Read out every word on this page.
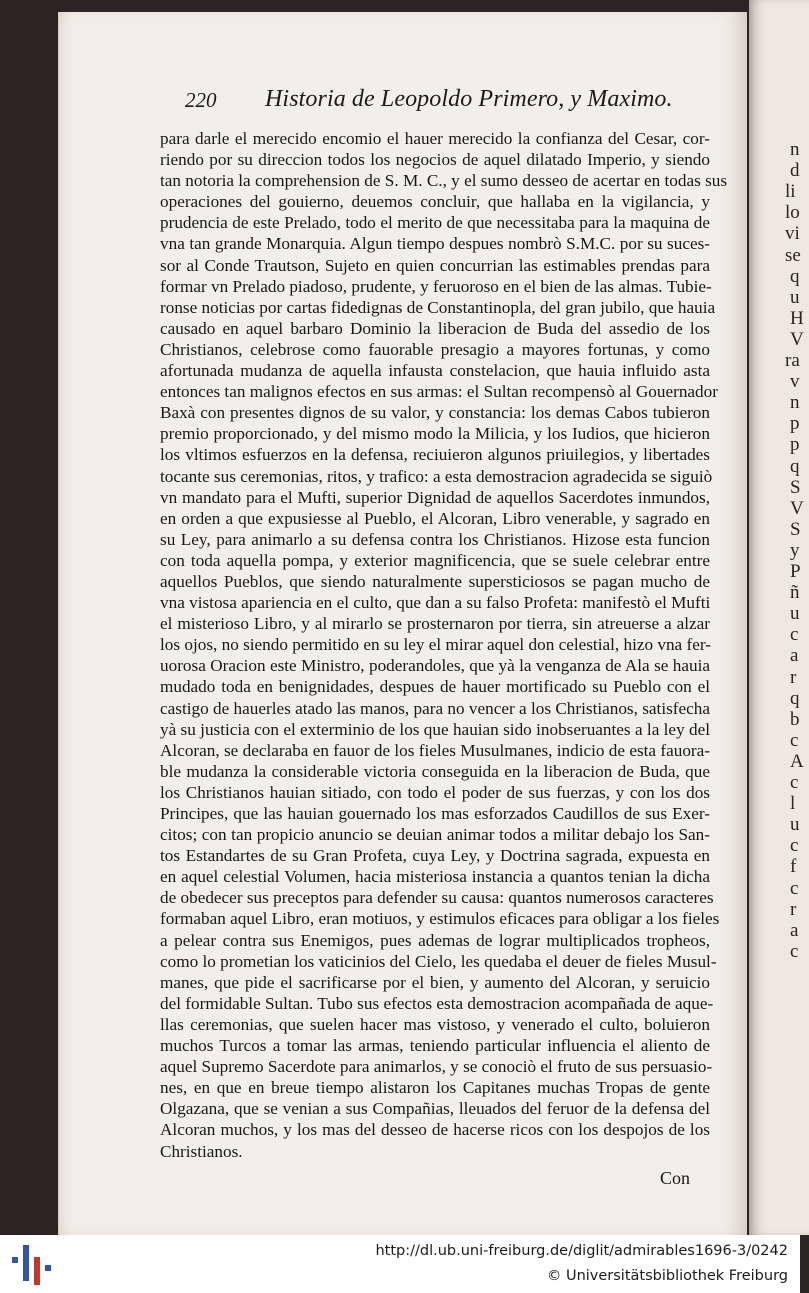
n
d
li
lo
vi
se
q
u
H
V
ra
v
n
p
p
q
S
V
S
y
P
ñ
u
c
a
r
q
b
c
A
c
l
u
c
f
c
r
a
c
220 Historia de Leopoldo Primero, y Maximo.
para darle el merecido encomio el hauer merecido la confianza del Cesar, cor-
riendo por su direccion todos los negocios de aquel dilatado Imperio, y siendo
tan notoria la comprehension de S. M. C., y el sumo desseo de acertar en todas sus
operaciones del gouierno, deuemos concluir, que hallaba en la vigilancia, y
prudencia de este Prelado, todo el merito de que necessitaba para la maquina de
vna tan grande Monarquia. Algun tiempo despues nombrò S.M.C. por su suces-
sor al Conde Trautson, Sujeto en quien concurrian las estimables prendas para
formar vn Prelado piadoso, prudente, y feruoroso en el bien de las almas. Tubie-
ronse noticias por cartas fidedignas de Constantinopla, del gran jubilo, que hauia
causado en aquel barbaro Dominio la liberacion de Buda del assedio de los
Christianos, celebrose como fauorable presagio a mayores fortunas, y como
afortunada mudanza de aquella infausta constelacion, que hauia influido asta
entonces tan malignos efectos en sus armas: el Sultan recompensò al Gouernador
Baxà con presentes dignos de su valor, y constancia: los demas Cabos tubieron
premio proporcionado, y del mismo modo la Milicia, y los Iudios, que hicieron
los vltimos esfuerzos en la defensa, reciuieron algunos priuilegios, y libertades
tocante sus ceremonias, ritos, y trafico: a esta demostracion agradecida se siguiò
vn mandato para el Mufti, superior Dignidad de aquellos Sacerdotes inmundos,
en orden a que expusiesse al Pueblo, el Alcoran, Libro venerable, y sagrado en
su Ley, para animarlo a su defensa contra los Christianos. Hizose esta funcion
con toda aquella pompa, y exterior magnificencia, que se suele celebrar entre
aquellos Pueblos, que siendo naturalmente supersticiosos se pagan mucho de
vna vistosa apariencia en el culto, que dan a su falso Profeta: manifestò el Mufti
el misterioso Libro, y al mirarlo se prosternaron por tierra, sin atreuerse a alzar
los ojos, no siendo permitido en su ley el mirar aquel don celestial, hizo vna fer-
uorosa Oracion este Ministro, poderandoles, que yà la venganza de Ala se hauia
mudado toda en benignidades, despues de hauer mortificado su Pueblo con el
castigo de hauerles atado las manos, para no vencer a los Christianos, satisfecha
yà su justicia con el exterminio de los que hauian sido inobseruantes a la ley del
Alcoran, se declaraba en fauor de los fieles Musulmanes, indicio de esta fauora-
ble mudanza la considerable victoria conseguida en la liberacion de Buda, que
los Christianos hauian sitiado, con todo el poder de sus fuerzas, y con los dos
Principes, que las hauian gouernado los mas esforzados Caudillos de sus Exer-
citos; con tan propicio anuncio se deuian animar todos a militar debajo los San-
tos Estandartes de su Gran Profeta, cuya Ley, y Doctrina sagrada, expuesta en
en aquel celestial Volumen, hacia misteriosa instancia a quantos tenian la dicha
de obedecer sus preceptos para defender su causa: quantos numerosos caracteres
formaban aquel Libro, eran motiuos, y estimulos eficaces para obligar a los fieles
a pelear contra sus Enemigos, pues ademas de lograr multiplicados tropheos,
como lo prometian los vaticinios del Cielo, les quedaba el deuer de fieles Musul-
manes, que pide el sacrificarse por el bien, y aumento del Alcoran, y seruicio
del formidable Sultan. Tubo sus efectos esta demostracion acompañada de aque-
llas ceremonias, que suelen hacer mas vistoso, y venerado el culto, boluieron
muchos Turcos a tomar las armas, teniendo particular influencia el aliento de
aquel Supremo Sacerdote para animarlos, y se conociò el fruto de sus persuasio-
nes, en que en breue tiempo alistaron los Capitanes muchas Tropas de gente
Olgazana, que se venian a sus Compañias, lleuados del feruor de la defensa del
Alcoran muchos, y los mas del desseo de hacerse ricos con los despojos de los
Christianos.
Con
http://dl.ub.uni-freiburg.de/diglit/admirables1696-3/0242
© Universitätsbibliothek Freiburg
